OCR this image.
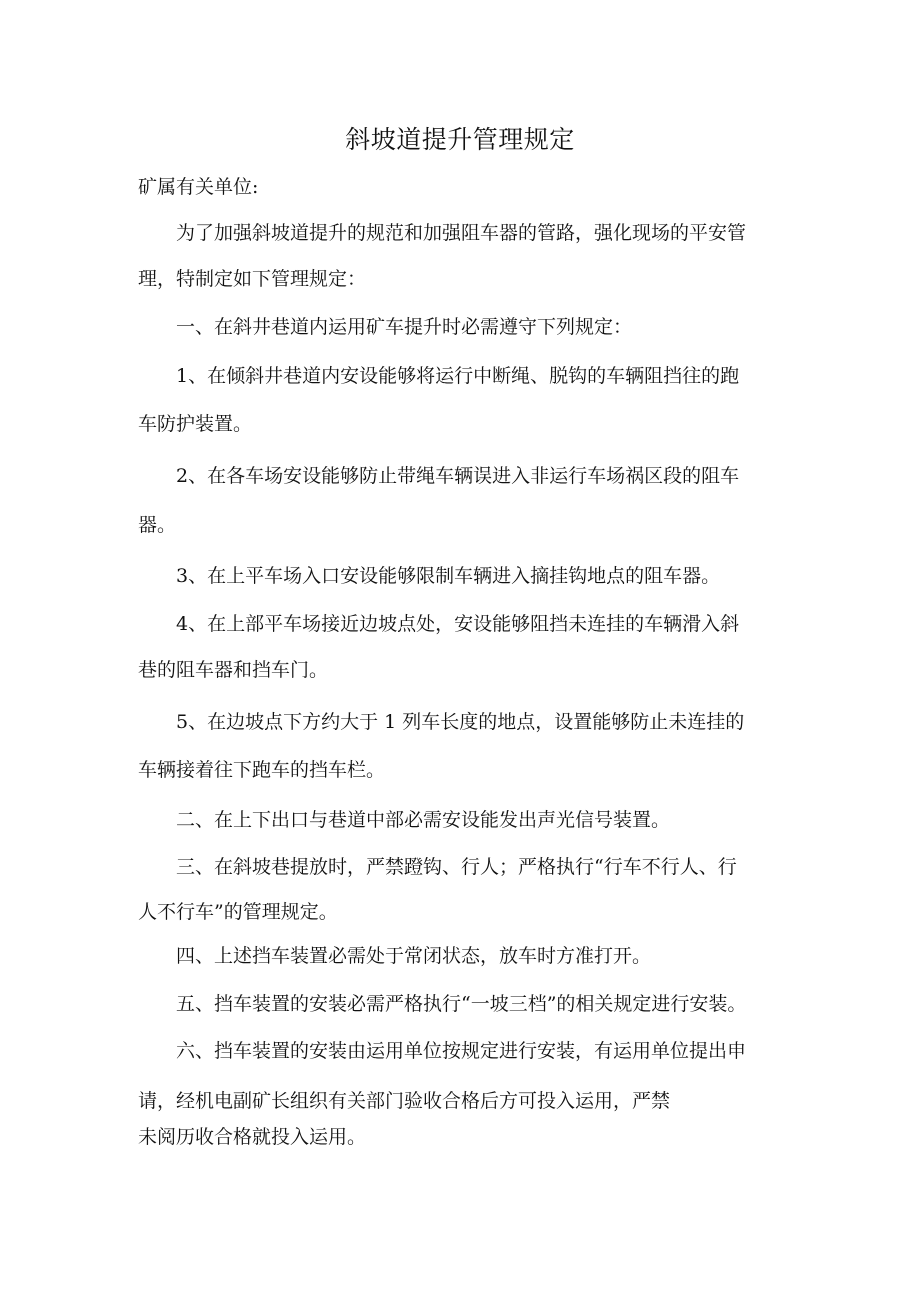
斜坡道提升管理规定

矿属有关单位:

为了加强斜坡道提升的规范和加强阻车器的管路，强化现场的平安管

理，特制定如下管理规定：

一、在斜井巷道内运用矿车提升时必需遵守下列规定：

1、在倾斜井巷道内安设能够将运行中断绳、脱钩的车辆阻挡往的跑

车防护装置。

2、在各车场安设能够防止带绳车辆误进入非运行车场祸区段的阻车

器。

3、在上平车场入口安设能够限制车辆进入摘挂钩地点的阻车器。

4、在上部平车场接近边坡点处，安设能够阻挡未连挂的车辆滑入斜

巷的阻车器和挡车门。

5、在边坡点下方约大于 1 列车长度的地点，设置能够防止未连挂的

车辆接着往下跑车的挡车栏。

二、在上下出口与巷道中部必需安设能发出声光信号装置。

三、在斜坡巷提放时，严禁蹬钩、行人；严格执行“行车不行人、行

人不行车”的管理规定。

四、上述挡车装置必需处于常闭状态，放车时方准打开。

五、挡车装置的安装必需严格执行“一坡三档”的相关规定进行安装。

六、挡车装置的安装由运用单位按规定进行安装，有运用单位提出申

请，经机电副矿长组织有关部门验收合格后方可投入运用，严禁

未阅历收合格就投入运用。
